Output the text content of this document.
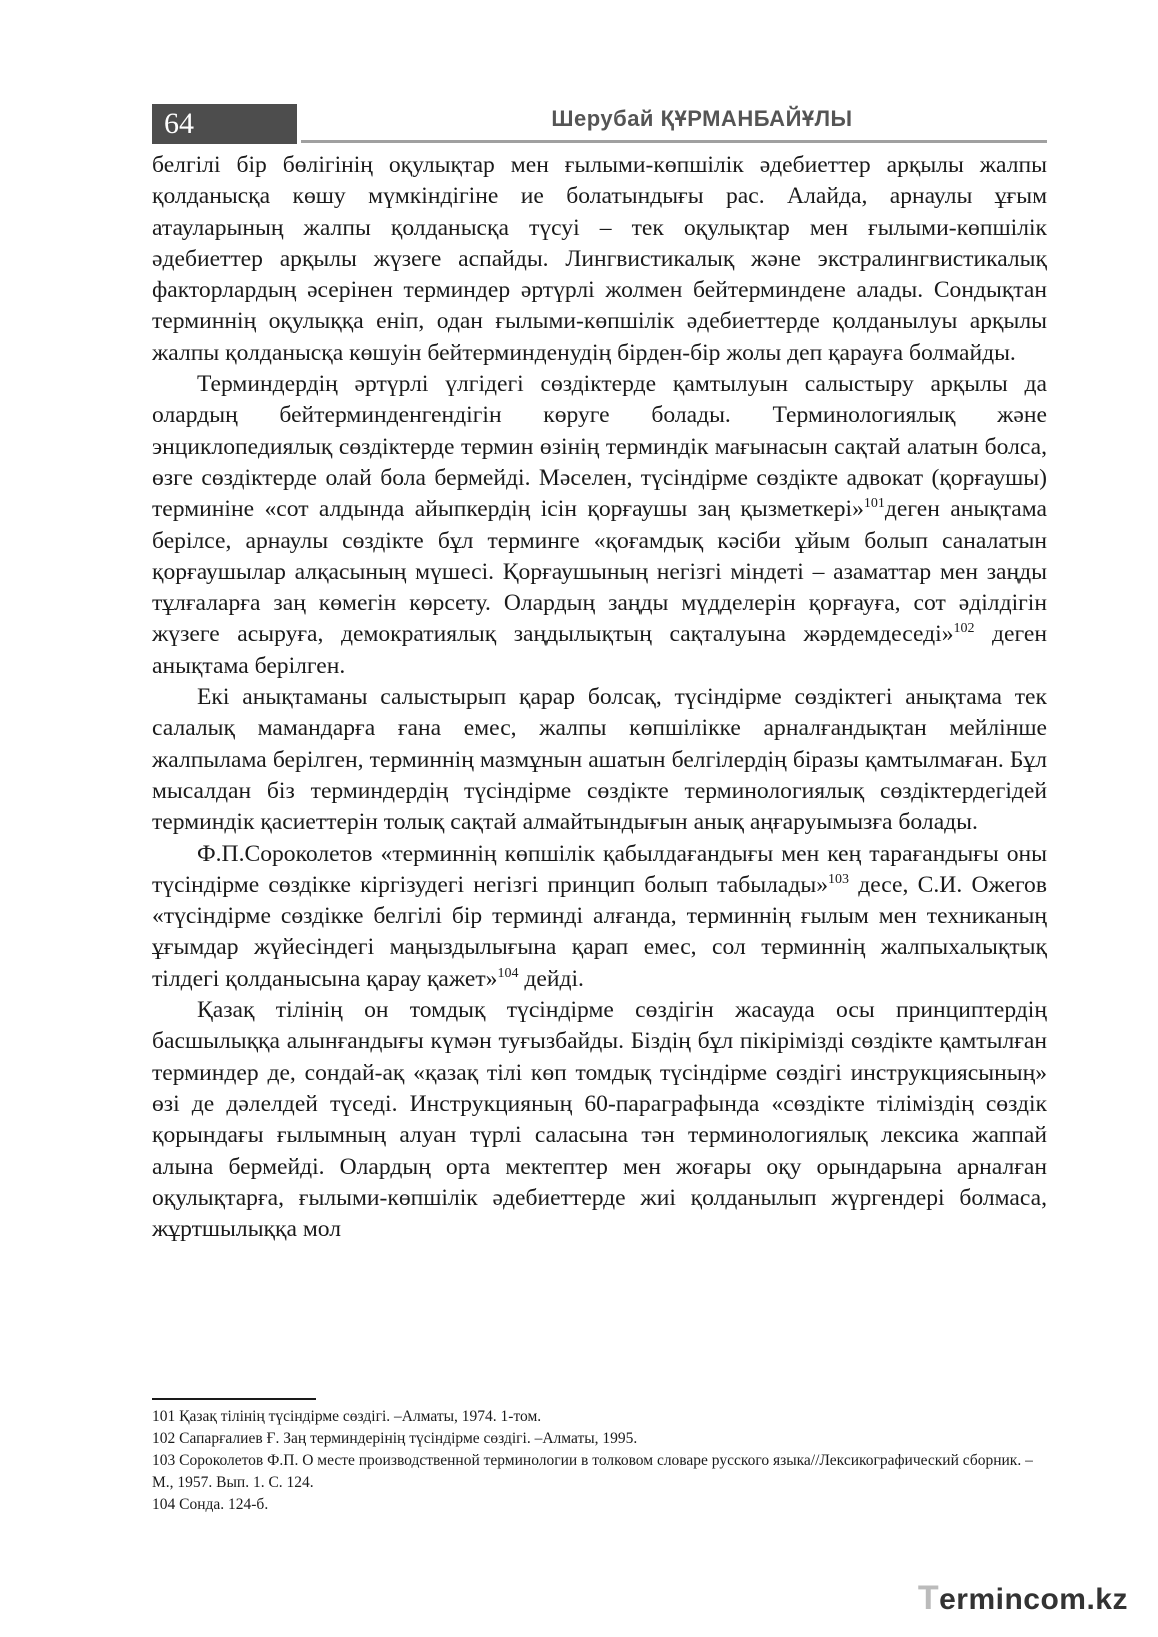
64	Шерубай ҚҰРМАНБАЙҰЛЫ

белгілі бір бөлігінің оқулықтар мен ғылыми-көпшілік әдебиеттер арқылы жалпы қолданысқа көшу мүмкіндігіне ие болатындығы рас. Алайда, арнаулы ұғым атауларының жалпы қолданысқа түсуі – тек оқулықтар мен ғылыми-көпшілік әдебиеттер арқылы жүзеге аспайды. Лингвистикалық және экстралингвистикалық факторлардың әсерінен терминдер әртүрлі жолмен бейтерминдене алады. Сондықтан терминнің оқулыққа еніп, одан ғылыми-көпшілік әдебиеттерде қолданылуы арқылы жалпы қолданысқа көшуін бейтерминденудің бірден-бір жолы деп қарауға болмайды.

Терминдердің әртүрлі үлгідегі сөздіктерде қамтылуын салыстыру арқылы да олардың бейтерминденгендігін көруге болады. Терминологиялық және энциклопедиялық сөздіктерде термин өзінің терминдік мағынасын сақтай алатын болса, өзге сөздіктерде олай бола бермейді. Мәселен, түсіндірме сөздікте адвокат (қорғаушы) терминіне «сот алдында айыпкердің ісін қорғаушы заң қызметкері»$^{101}$деген анықтама берілсе, арнаулы сөздікте бұл терминге «қоғамдық кәсіби ұйым болып саналатын қорғаушылар алқасының мүшесі. Қорғаушының негізгі міндеті – азаматтар мен заңды тұлғаларға заң көмегін көрсету. Олардың заңды мүдделерін қорғауға, сот әділдігін жүзеге асыруға, демократиялық заңдылықтың сақталуына жәрдемдеседі»$^{102}$ деген анықтама берілген.

Екі анықтаманы салыстырып қарар болсақ, түсіндірме сөздіктегі анықтама тек салалық мамандарға ғана емес, жалпы көпшілікке арналғандықтан мейлінше жалпылама берілген, терминнің мазмұнын ашатын белгілердің біразы қамтылмаған. Бұл мысалдан біз терминдердің түсіндірме сөздікте терминологиялық сөздіктердегідей терминдік қасиеттерін толық сақтай алмайтындығын анық аңғаруымызға болады.

Ф.П.Сороколетов «терминнің көпшілік қабылдағандығы мен кең тарағандығы оны түсіндірме сөздікке кіргізудегі негізгі принцип болып табылады»$^{103}$ десе, С.И. Ожегов «түсіндірме сөздікке белгілі бір терминді алғанда, терминнің ғылым мен техниканың ұғымдар жүйесіндегі маңыздылығына қарап емес, сол терминнің жалпыхалықтық тілдегі қолданысына қарау қажет»$^{104}$ дейді.

Қазақ тілінің он томдық түсіндірме сөздігін жасауда осы принциптердің басшылыққа алынғандығы күмән туғызбайды. Біздің бұл пікірімізді сөздікте қамтылған терминдер де, сондай-ақ «қазақ тілі көп томдық түсіндірме сөздігі инструкциясының» өзі де дәлелдей түседі. Инструкцияның 60-параграфында «сөздікте тіліміздің сөздік қорындағы ғылымның алуан түрлі саласына тән терминологиялық лексика жаппай алына бермейді. Олардың орта мектептер мен жоғары оқу орындарына арналған оқулықтарға, ғылыми-көпшілік әдебиеттерде жиі қолданылып жүргендері болмаса, жұртшылыққа мол

101 Қазақ тілінің түсіндірме сөздігі. –Алматы, 1974. 1-том.

102 Сапарғалиев Ғ. Заң терминдерінің түсіндірме сөздігі. –Алматы, 1995.

103 Сороколетов Ф.П. О месте производственной терминологии в толковом словаре русского языка//Лексикографический сборник. –М., 1957. Вып. 1. С. 124.

104 Сонда. 124-б.

Termincom.kz
